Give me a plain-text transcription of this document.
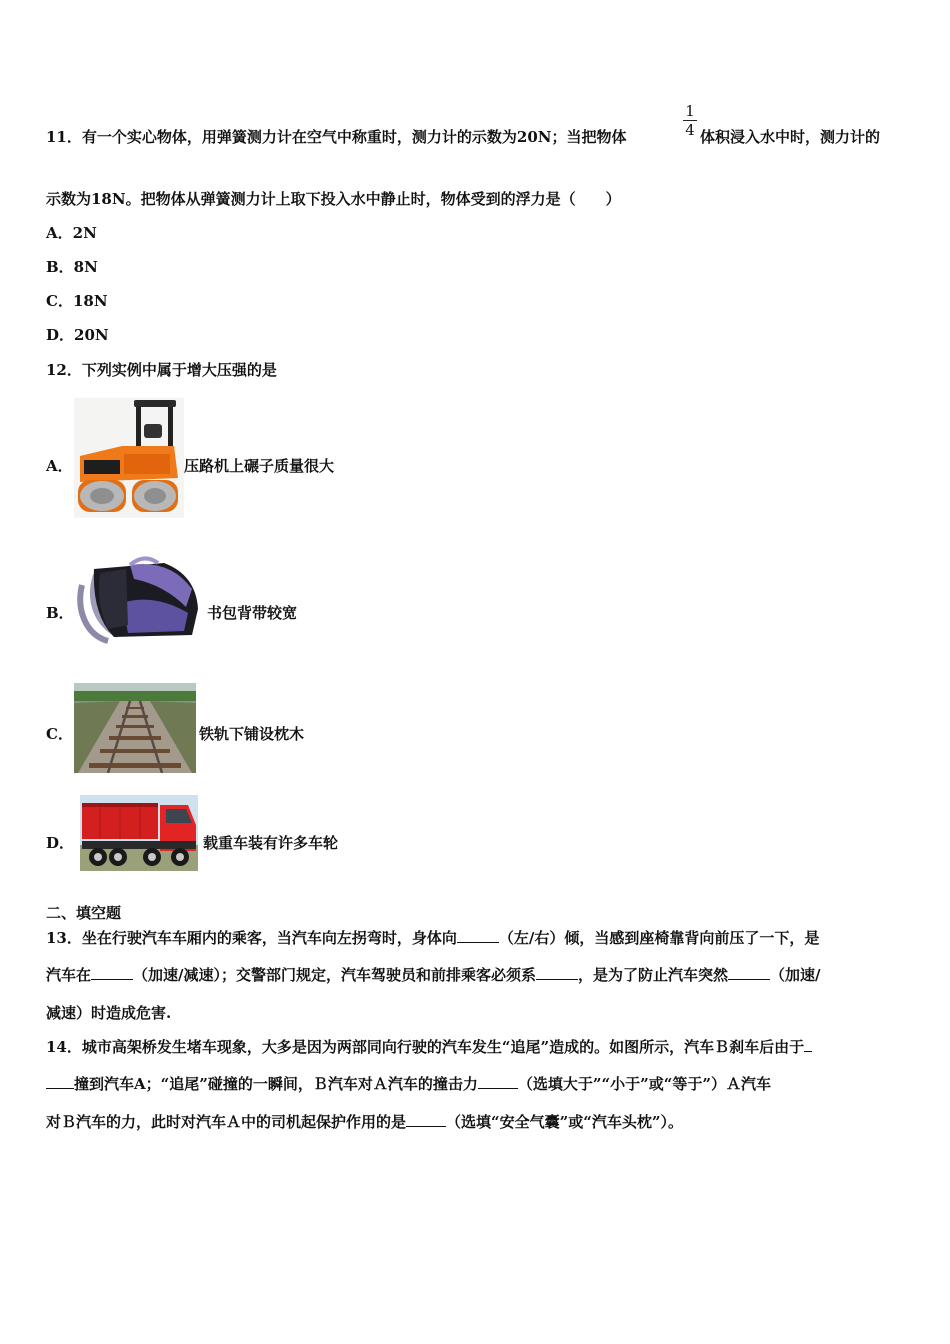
11．有一个实心物体，用弹簧测力计在空气中称重时，测力计的示数为20N；当把物体
1
4 体积浸入水中时，测力计的
示数为18N。把物体从弹簧测力计上取下投入水中静止时，物体受到的浮力是（　　）
A．2N
B．8N
C．18N
D．20N
12．下列实例中属于增大压强的是
A．	压路机上碾子质量很大
B．	书包背带较宽
C．	铁轨下铺设枕木
D．	载重车装有许多车轮
二、填空题
13．坐在行驶汽车车厢内的乘客，当汽车向左拐弯时，身体向	（左/右）倾，当感到座椅靠背向前压了一下，是
汽车在	（加速/减速）；交警部门规定，汽车驾驶员和前排乘客必须系	，是为了防止汽车突然	（加速/
减速）时造成危害.
14．城市高架桥发生堵车现象，大多是因为两部同向行驶的汽车发生“追尾”造成的。如图所示，汽车Ｂ刹车后由于
撞到汽车A；“追尾”碰撞的一瞬间，Ｂ汽车对Ａ汽车的撞击力	（选填大于”“小于”或“等于”）Ａ汽车
对Ｂ汽车的力，此时对汽车Ａ中的司机起保护作用的是	（选填“安全气囊”或“汽车头枕”）。
